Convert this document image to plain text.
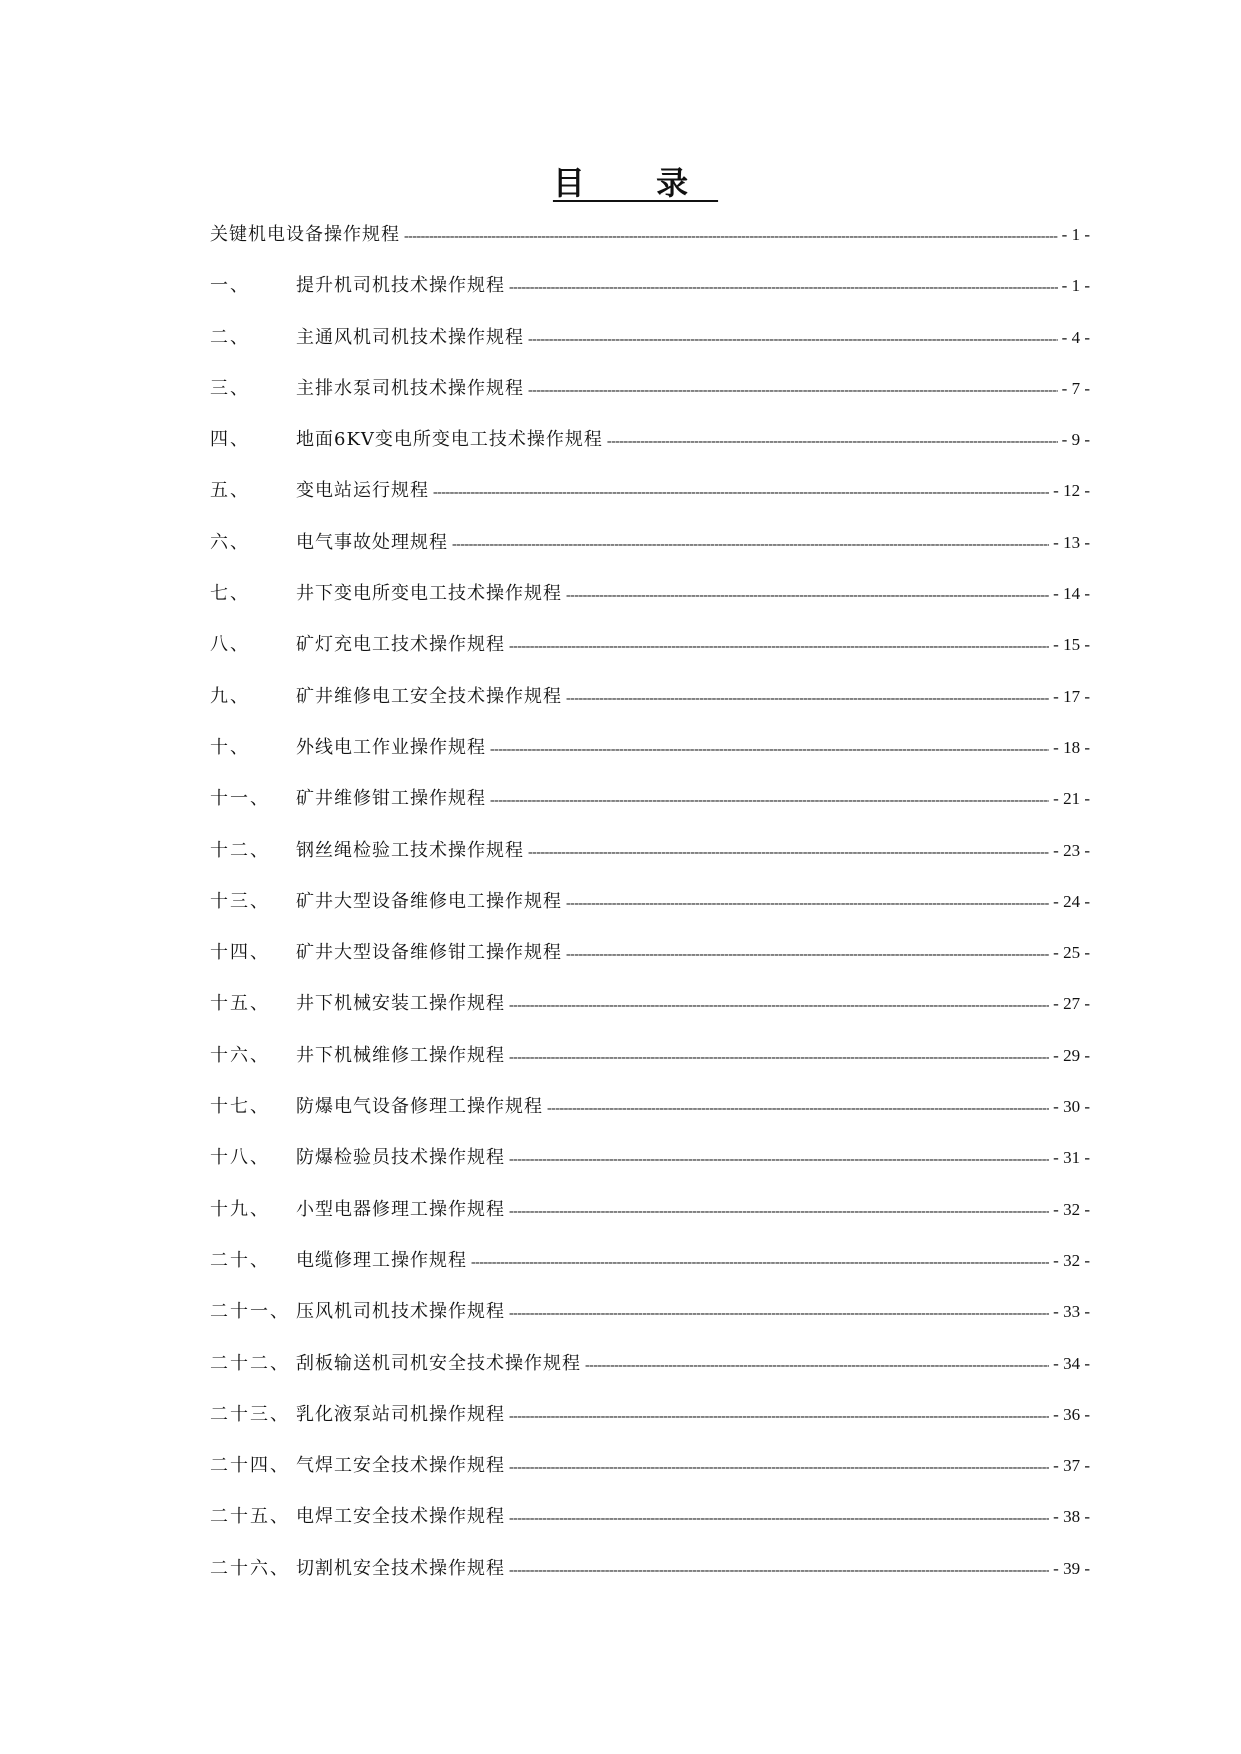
目 录
关键机电设备操作规程 -----	- 1 -
一、	提升机司机技术操作规程 -----	- 1 -
二、	主通风机司机技术操作规程 -----	- 4 -
三、	主排水泵司机技术操作规程 -----	- 7 -
四、	地面6KV变电所变电工技术操作规程 -----	- 9 -
五、	变电站运行规程 -----	- 12 -
六、	电气事故处理规程 -----	- 13 -
七、	井下变电所变电工技术操作规程 -----	- 14 -
八、	矿灯充电工技术操作规程 -----	- 15 -
九、	矿井维修电工安全技术操作规程 -----	- 17 -
十、	外线电工作业操作规程 -----	- 18 -
十一、	矿井维修钳工操作规程 -----	- 21 -
十二、	钢丝绳检验工技术操作规程 -----	- 23 -
十三、	矿井大型设备维修电工操作规程 -----	- 24 -
十四、	矿井大型设备维修钳工操作规程 -----	- 25 -
十五、	井下机械安装工操作规程 -----	- 27 -
十六、	井下机械维修工操作规程 -----	- 29 -
十七、	防爆电气设备修理工操作规程 -----	- 30 -
十八、	防爆检验员技术操作规程 -----	- 31 -
十九、	小型电器修理工操作规程 -----	- 32 -
二十、	电缆修理工操作规程 -----	- 32 -
二十一、 压风机司机技术操作规程 -----	- 33 -
二十二、 刮板输送机司机安全技术操作规程 -----	- 34 -
二十三、 乳化液泵站司机操作规程 -----	- 36 -
二十四、 气焊工安全技术操作规程 -----	- 37 -
二十五、 电焊工安全技术操作规程 -----	- 38 -
二十六、 切割机安全技术操作规程 -----	- 39 -
